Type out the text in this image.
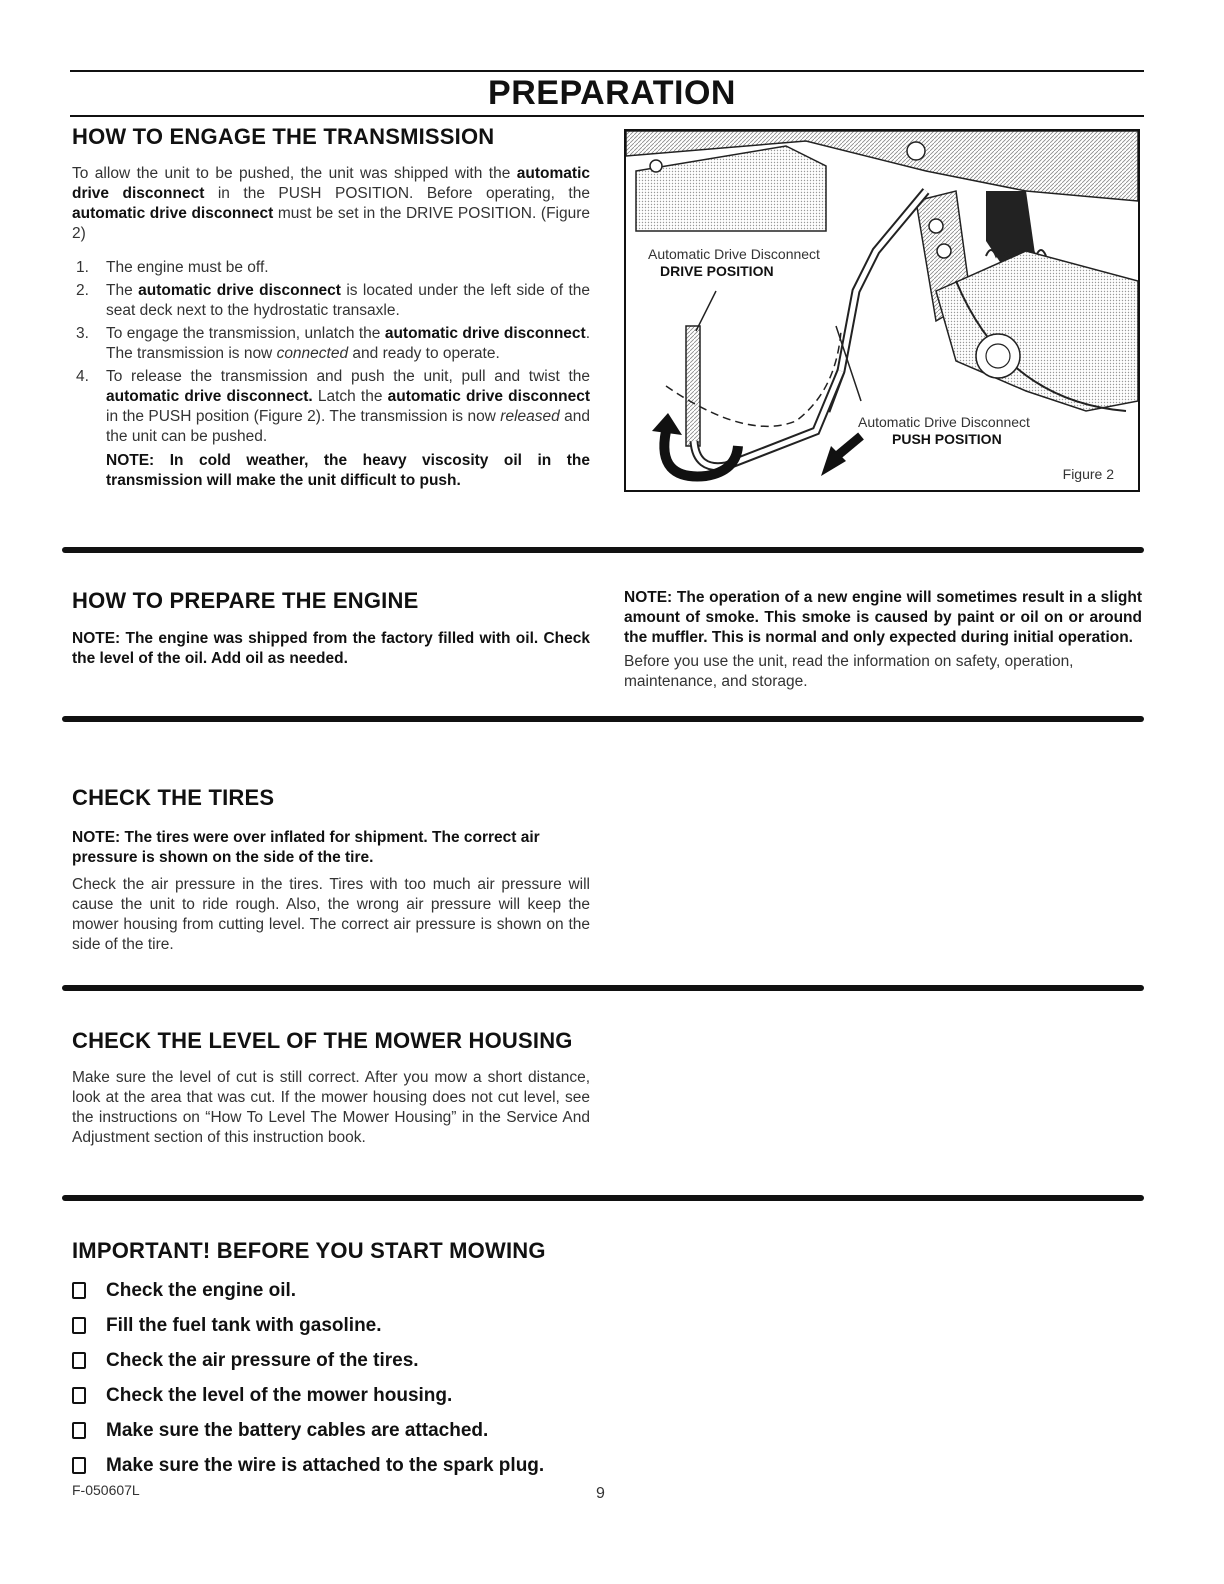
PREPARATION
HOW TO ENGAGE THE TRANSMISSION

To allow the unit to be pushed, the unit was shipped with the automatic drive disconnect in the PUSH POSITION. Before operating, the automatic drive disconnect must be set in the DRIVE POSITION. (Figure 2)

1. The engine must be off.
2. The automatic drive disconnect is located under the left side of the seat deck next to the hydrostatic transaxle.
3. To engage the transmission, unlatch the automatic drive disconnect. The transmission is now connected and ready to operate.
4. To release the transmission and push the unit, pull and twist the automatic drive disconnect. Latch the automatic drive disconnect in the PUSH position (Figure 2). The transmission is now released and the unit can be pushed.

NOTE: In cold weather, the heavy viscosity oil in the transmission will make the unit difficult to push.

Automatic Drive Disconnect
DRIVE POSITION
Automatic Drive Disconnect
PUSH POSITION
Figure 2
HOW TO PREPARE THE ENGINE

NOTE: The engine was shipped from the factory filled with oil. Check the level of the oil. Add oil as needed.

NOTE: The operation of a new engine will sometimes result in a slight amount of smoke. This smoke is caused by paint or oil on or around the muffler. This is normal and only expected during initial operation.

Before you use the unit, read the information on safety, operation, maintenance, and storage.

CHECK THE TIRES

NOTE: The tires were over inflated for shipment. The correct air pressure is shown on the side of the tire.

Check the air pressure in the tires. Tires with too much air pressure will cause the unit to ride rough. Also, the wrong air pressure will keep the mower housing from cutting level. The correct air pressure is shown on the side of the tire.

CHECK THE LEVEL OF THE MOWER HOUSING

Make sure the level of cut is still correct. After you mow a short distance, look at the area that was cut. If the mower housing does not cut level, see the instructions on “How To Level The Mower Housing” in the Service And Adjustment section of this instruction book.

IMPORTANT! BEFORE YOU START MOWING
Check the engine oil.
Fill the fuel tank with gasoline.
Check the air pressure of the tires.
Check the level of the mower housing.
Make sure the battery cables are attached.
Make sure the wire is attached to the spark plug.
F-050607L	9
